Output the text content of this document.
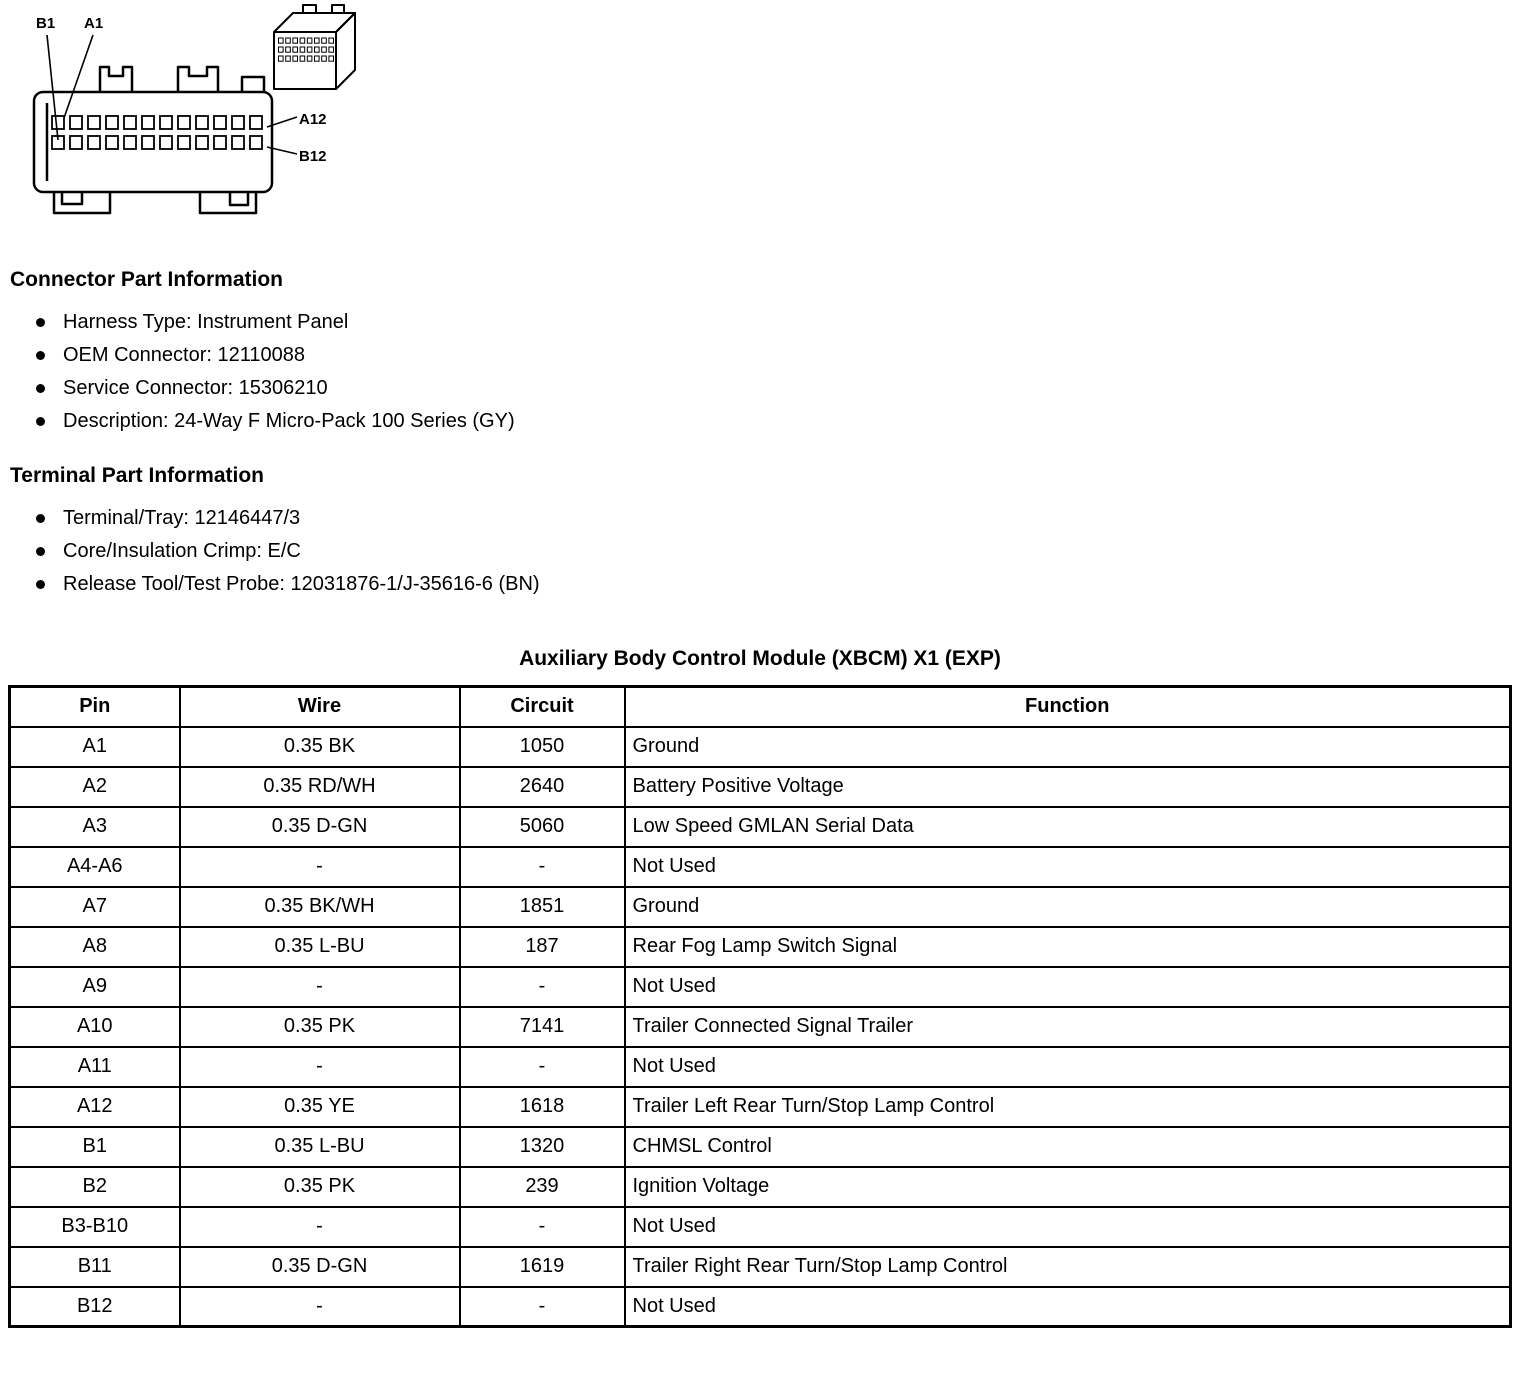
B1 A1
A12
B12
Connector Part Information
Harness Type: Instrument Panel
OEM Connector: 12110088
Service Connector: 15306210
Description: 24-Way F Micro-Pack 100 Series (GY)
Terminal Part Information
Terminal/Tray: 12146447/3
Core/Insulation Crimp: E/C
Release Tool/Test Probe: 12031876-1/J-35616-6 (BN)
Auxiliary Body Control Module (XBCM) X1 (EXP)
Pin	Wire	Circuit	Function
A1	0.35 BK	1050	Ground
A2	0.35 RD/WH	2640	Battery Positive Voltage
A3	0.35 D-GN	5060	Low Speed GMLAN Serial Data
A4-A6	-	-	Not Used
A7	0.35 BK/WH	1851	Ground
A8	0.35 L-BU	187	Rear Fog Lamp Switch Signal
A9	-	-	Not Used
A10	0.35 PK	7141	Trailer Connected Signal Trailer
A11	-	-	Not Used
A12	0.35 YE	1618	Trailer Left Rear Turn/Stop Lamp Control
B1	0.35 L-BU	1320	CHMSL Control
B2	0.35 PK	239	Ignition Voltage
B3-B10	-	-	Not Used
B11	0.35 D-GN	1619	Trailer Right Rear Turn/Stop Lamp Control
B12	-	-	Not Used
